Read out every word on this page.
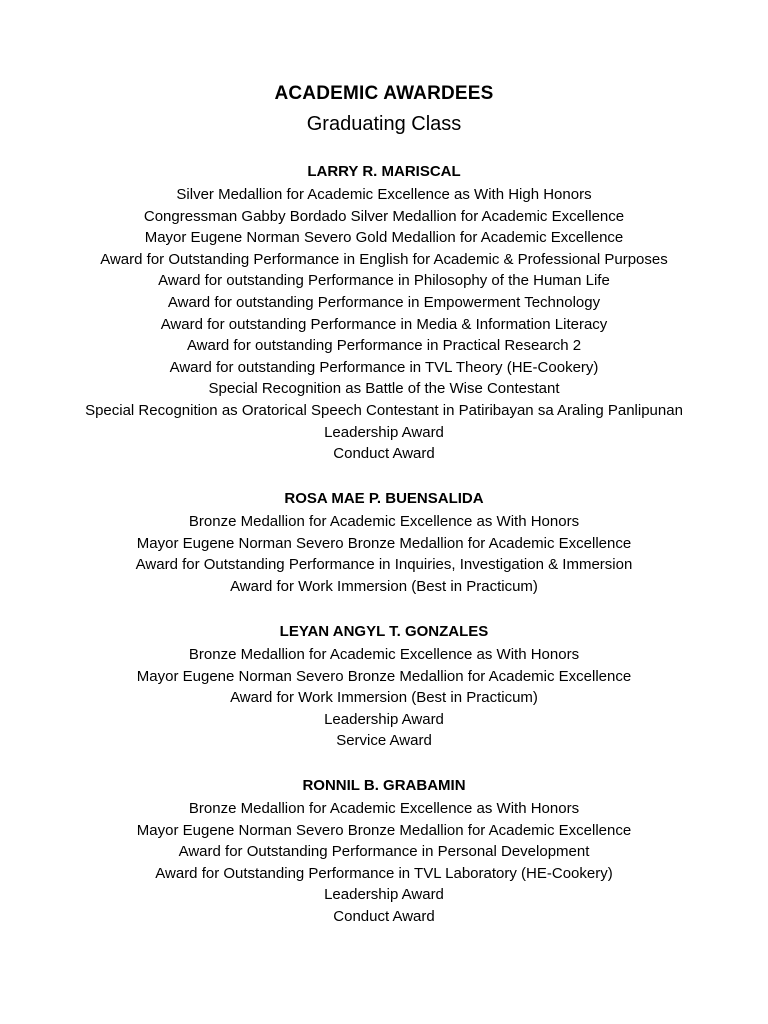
ACADEMIC AWARDEES
Graduating Class
LARRY R. MARISCAL
Silver Medallion for Academic Excellence as With High Honors
Congressman Gabby Bordado Silver Medallion for Academic Excellence
Mayor Eugene Norman Severo Gold Medallion for Academic Excellence
Award for Outstanding Performance in English for Academic & Professional Purposes
Award for outstanding Performance in Philosophy of the Human Life
Award for outstanding Performance in Empowerment Technology
Award for outstanding Performance in Media & Information Literacy
Award for outstanding Performance in Practical Research 2
Award for outstanding Performance in TVL Theory (HE-Cookery)
Special Recognition as Battle of the Wise Contestant
Special Recognition as Oratorical Speech Contestant in Patiribayan sa Araling Panlipunan
Leadership Award
Conduct Award
ROSA MAE P. BUENSALIDA
Bronze Medallion for Academic Excellence as With Honors
Mayor Eugene Norman Severo Bronze Medallion for Academic Excellence
Award for Outstanding Performance in Inquiries, Investigation & Immersion
Award for Work Immersion (Best in Practicum)
LEYAN ANGYL T. GONZALES
Bronze Medallion for Academic Excellence as With Honors
Mayor Eugene Norman Severo Bronze Medallion for Academic Excellence
Award for Work Immersion (Best in Practicum)
Leadership Award
Service Award
RONNIL B. GRABAMIN
Bronze Medallion for Academic Excellence as With Honors
Mayor Eugene Norman Severo Bronze Medallion for Academic Excellence
Award for Outstanding Performance in Personal Development
Award for Outstanding Performance in TVL Laboratory (HE-Cookery)
Leadership Award
Conduct Award
